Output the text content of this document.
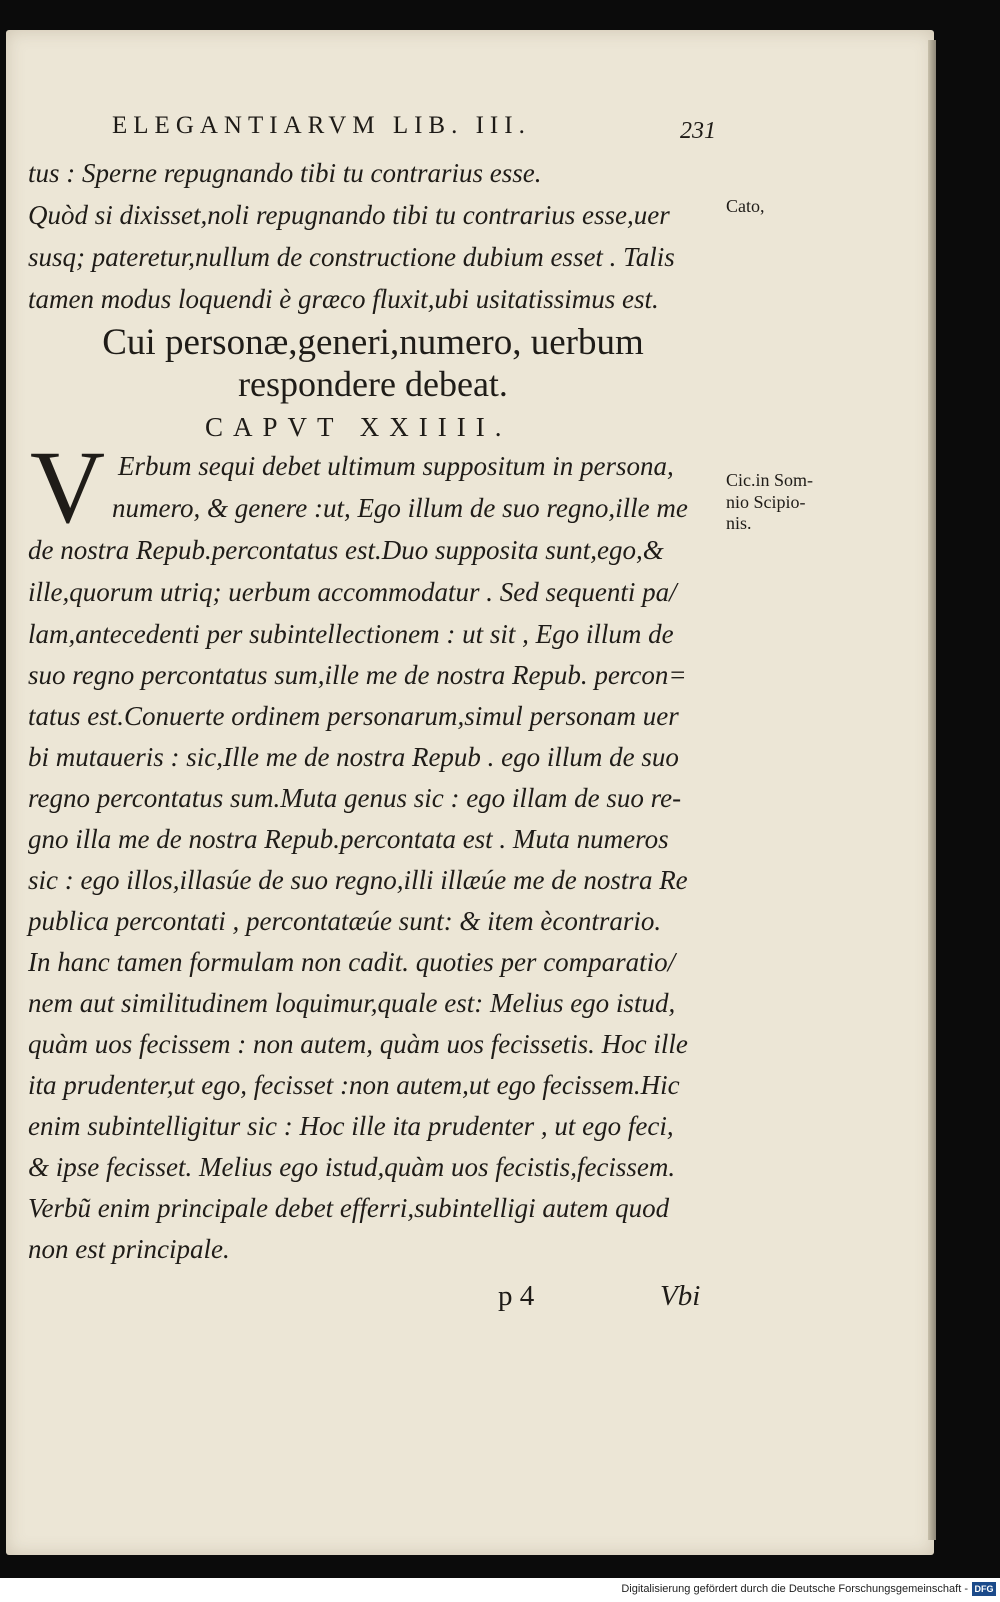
ELEGANTIARVM LIB. III.	231
tus : Sperne repugnando tibi tu contrarius esse.
Quòd si dixisset,noli repugnando tibi tu contrarius esse,uer
susq; pateretur,nullum de constructione dubium esset . Talis
tamen modus loquendi è græco fluxit,ubi usitatissimus est.
Cui personæ,generi,numero, uerbum
respondere debeat.
CAPVT XXIIII.
V Erbum sequi debet ultimum suppositum in persona,
numero, & genere :ut, Ego illum de suo regno,ille me
de nostra Repub.percontatus est.Duo supposita sunt,ego,&
ille,quorum utriq; uerbum accommodatur . Sed sequenti pa/
lam,antecedenti per subintellectionem : ut sit , Ego illum de
suo regno percontatus sum,ille me de nostra Repub. percon=
tatus est.Conuerte ordinem personarum,simul personam uer
bi mutaueris : sic,Ille me de nostra Repub . ego illum de suo
regno percontatus sum.Muta genus sic : ego illam de suo re-
gno illa me de nostra Repub.percontata est . Muta numeros
sic : ego illos,illasúe de suo regno,illi illæúe me de nostra Re
publica percontati , percontatæúe sunt: & item ècontrario.
In hanc tamen formulam non cadit. quoties per comparatio/
nem aut similitudinem loquimur,quale est: Melius ego istud,
quàm uos fecissem : non autem, quàm uos fecissetis. Hoc ille
ita prudenter,ut ego, fecisset :non autem,ut ego fecissem.Hic
enim subintelligitur sic : Hoc ille ita prudenter , ut ego feci,
& ipse fecisset. Melius ego istud,quàm uos fecistis,fecissem.
Verbũ enim principale debet efferri,subintelligi autem quod
non est principale.
Cato,
Cic.in Som-
nio Scipio-
nis.
p 4	Vbi
Digitalisierung gefördert durch die Deutsche Forschungsgemeinschaft - DFG
